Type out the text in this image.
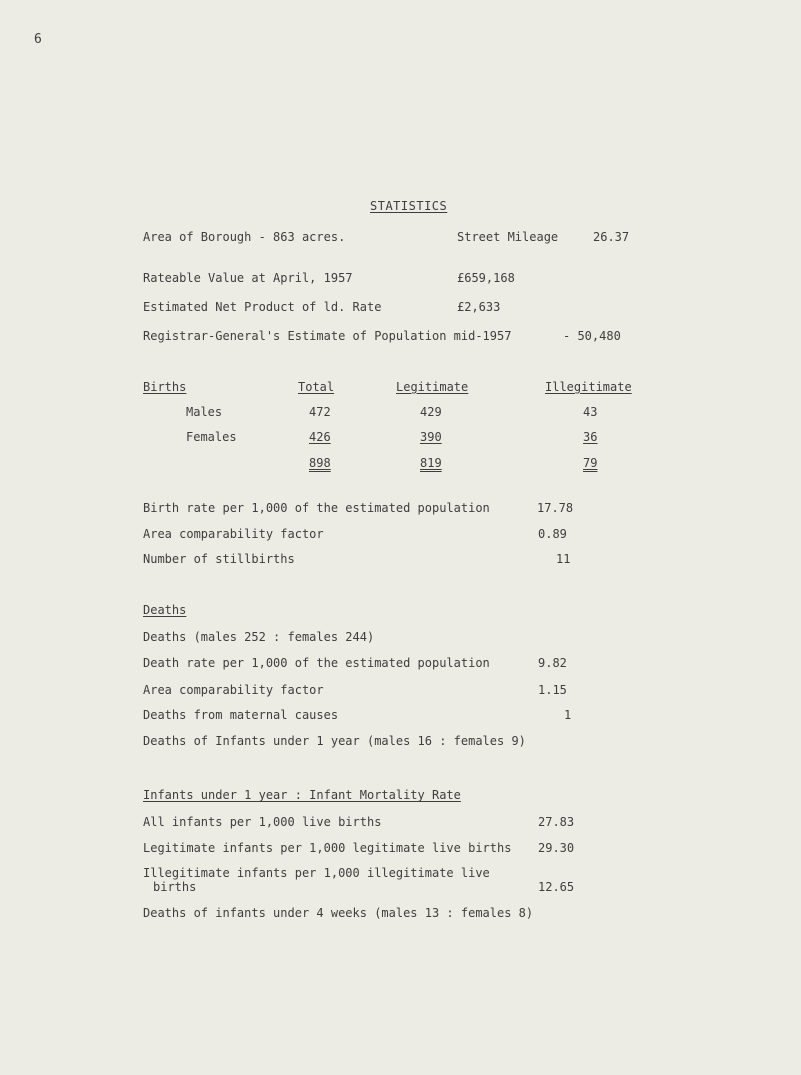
6
STATISTICS
Area of Borough - 863 acres.	Street Mileage	26.37
Rateable Value at April, 1957	£659,168
Estimated Net Product of ld. Rate	£2,633
Registrar-General's Estimate of Population mid-1957	- 50,480
Births	Total	Legitimate	Illegitimate
Males	472	429	43
Females	426	390	36
898	819	79
Birth rate per 1,000 of the estimated population	17.78
Area comparability factor	0.89
Number of stillbirths	11
Deaths
Deaths (males 252 : females 244)
Death rate per 1,000 of the estimated population	9.82
Area comparability factor	1.15
Deaths from maternal causes	1
Deaths of Infants under 1 year (males 16 : females 9)
Infants under 1 year : Infant Mortality Rate
All infants per 1,000 live births	27.83
Legitimate infants per 1,000 legitimate live births 29.30
Illegitimate infants per 1,000 illegitimate live
births	12.65
Deaths of infants under 4 weeks (males 13 : females 8)
